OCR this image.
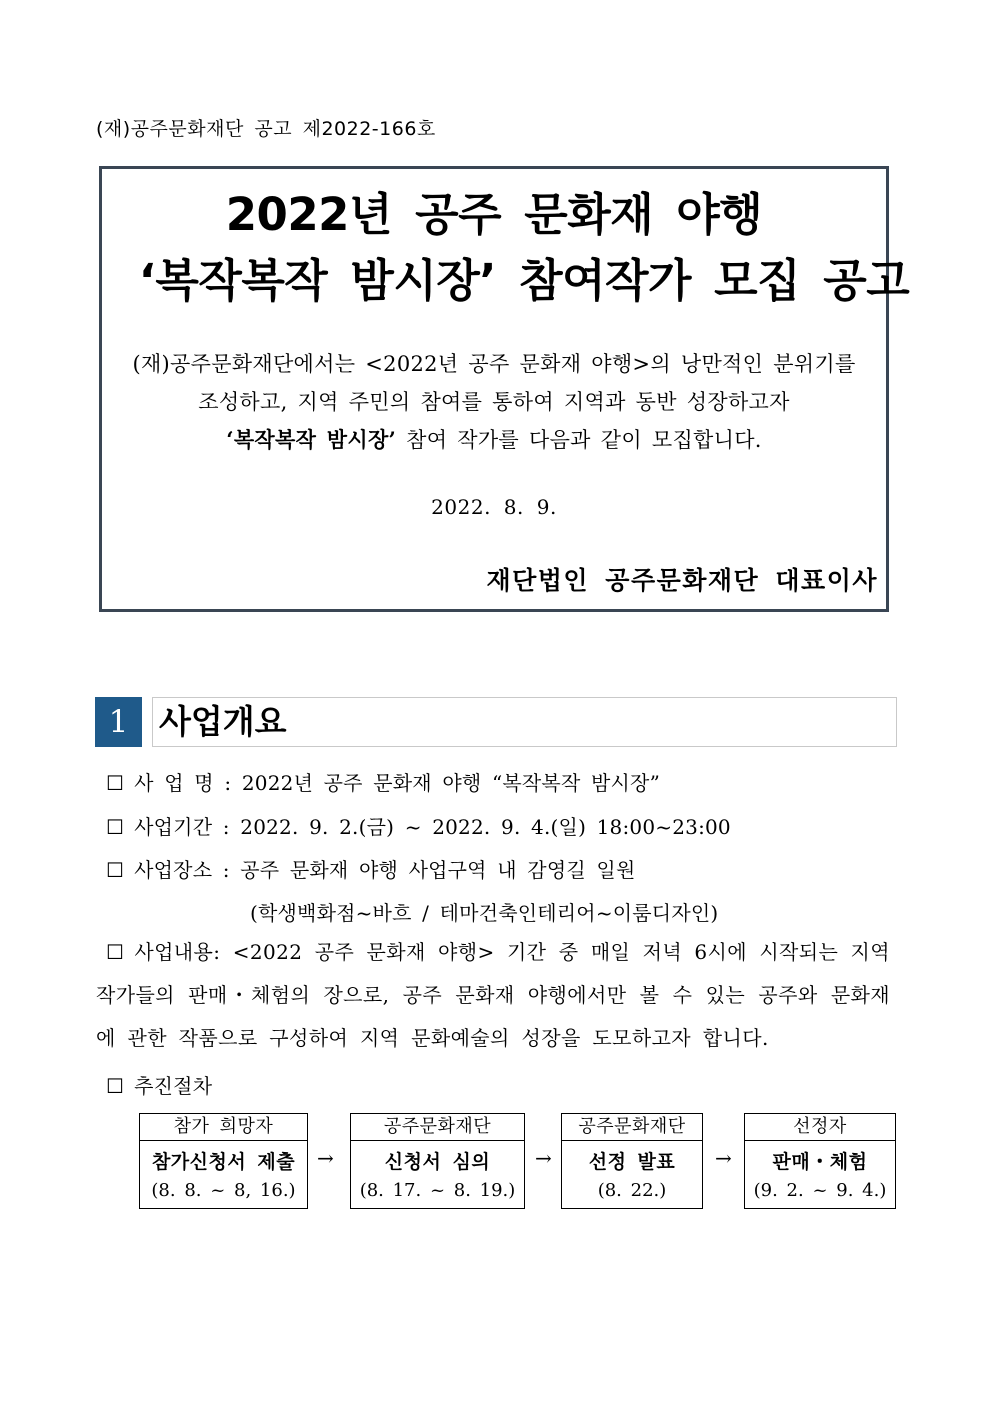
(재)공주문화재단 공고 제2022-166호
2022년 공주 문화재 야행
‘복작복작 밤시장’ 참여작가 모집 공고
(재)공주문화재단에서는 <2022년 공주 문화재 야행>의 낭만적인 분위기를
조성하고, 지역 주민의 참여를 통하여 지역과 동반 성장하고자
‘복작복작 밤시장’ 참여 작가를 다음과 같이 모집합니다.
2022. 8. 9.
재단법인 공주문화재단 대표이사
1 사업개요
☐ 사 업 명 : 2022년 공주 문화재 야행 “복작복작 밤시장”
☐ 사업기간 : 2022. 9. 2.(금) ~ 2022. 9. 4.(일) 18:00~23:00
☐ 사업장소 : 공주 문화재 야행 사업구역 내 감영길 일원
(학생백화점~바흐 / 테마건축인테리어~이룸디자인)
☐ 사업내용: <2022 공주 문화재 야행> 기간 중 매일 저녁 6시에 시작되는 지역 작가들의 판매・체험의 장으로, 공주 문화재 야행에서만 볼 수 있는 공주와 문화재에 관한 작품으로 구성하여 지역 문화예술의 성장을 도모하고자 합니다.
☐ 추진절차
참가 희망자
참가신청서 제출
(8. 8. ~ 8, 16.)
→
공주문화재단
신청서 심의
(8. 17. ~ 8. 19.)
→
공주문화재단
선정 발표
(8. 22.)
→
선정자
판매・체험
(9. 2. ~ 9. 4.)
